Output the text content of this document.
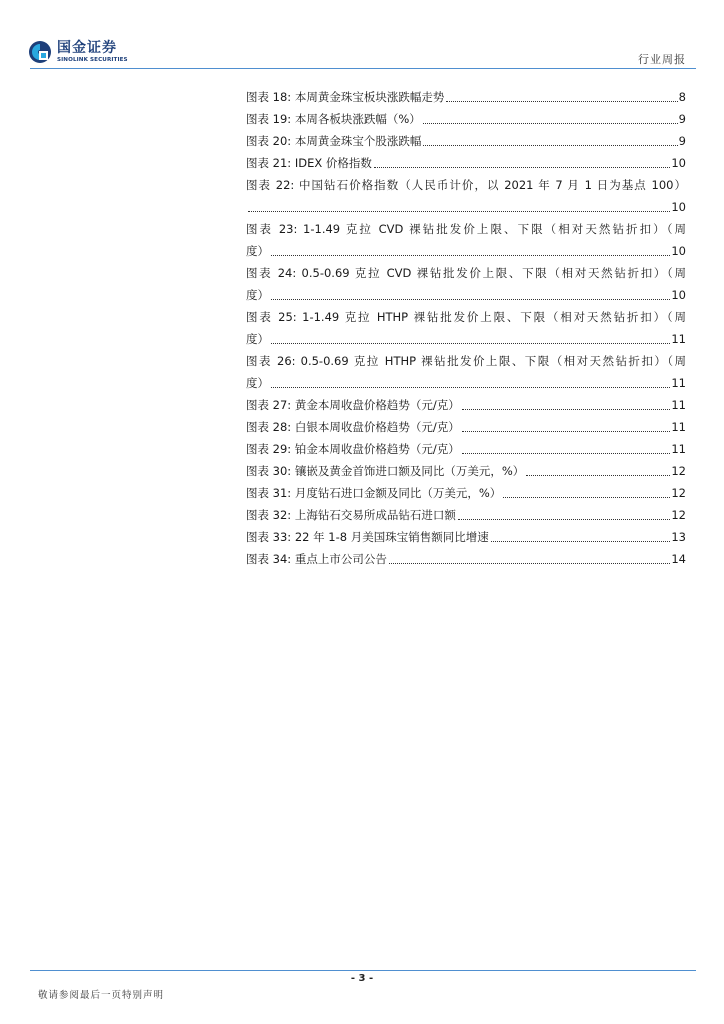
国金证券
SINOLINK SECURITIES	行业周报
图表 18: 本周黄金珠宝板块涨跌幅走势	8
图表 19: 本周各板块涨跌幅（%）	9
图表 20: 本周黄金珠宝个股涨跌幅	9
图表 21: IDEX 价格指数	10
图表 22: 中国钻石价格指数（人民币计价，以 2021 年 7 月 1 日为基点 100）
10
图表 23: 1-1.49 克拉 CVD 裸钻批发价上限、下限（相对天然钻折扣）（周
度）	10
图表 24: 0.5-0.69 克拉 CVD 裸钻批发价上限、下限（相对天然钻折扣）（周
度）	10
图表 25: 1-1.49 克拉 HTHP 裸钻批发价上限、下限（相对天然钻折扣）（周
度）	11
图表 26: 0.5-0.69 克拉 HTHP 裸钻批发价上限、下限（相对天然钻折扣）（周
度）	11
图表 27: 黄金本周收盘价格趋势（元/克）	11
图表 28: 白银本周收盘价格趋势（元/克）	11
图表 29: 铂金本周收盘价格趋势（元/克）	11
图表 30: 镶嵌及黄金首饰进口额及同比（万美元，%）	12
图表 31: 月度钻石进口金额及同比（万美元，%）	12
图表 32: 上海钻石交易所成品钻石进口额	12
图表 33: 22 年 1-8 月美国珠宝销售额同比增速	13
图表 34: 重点上市公司公告	14
- 3 -
敬请参阅最后一页特别声明
